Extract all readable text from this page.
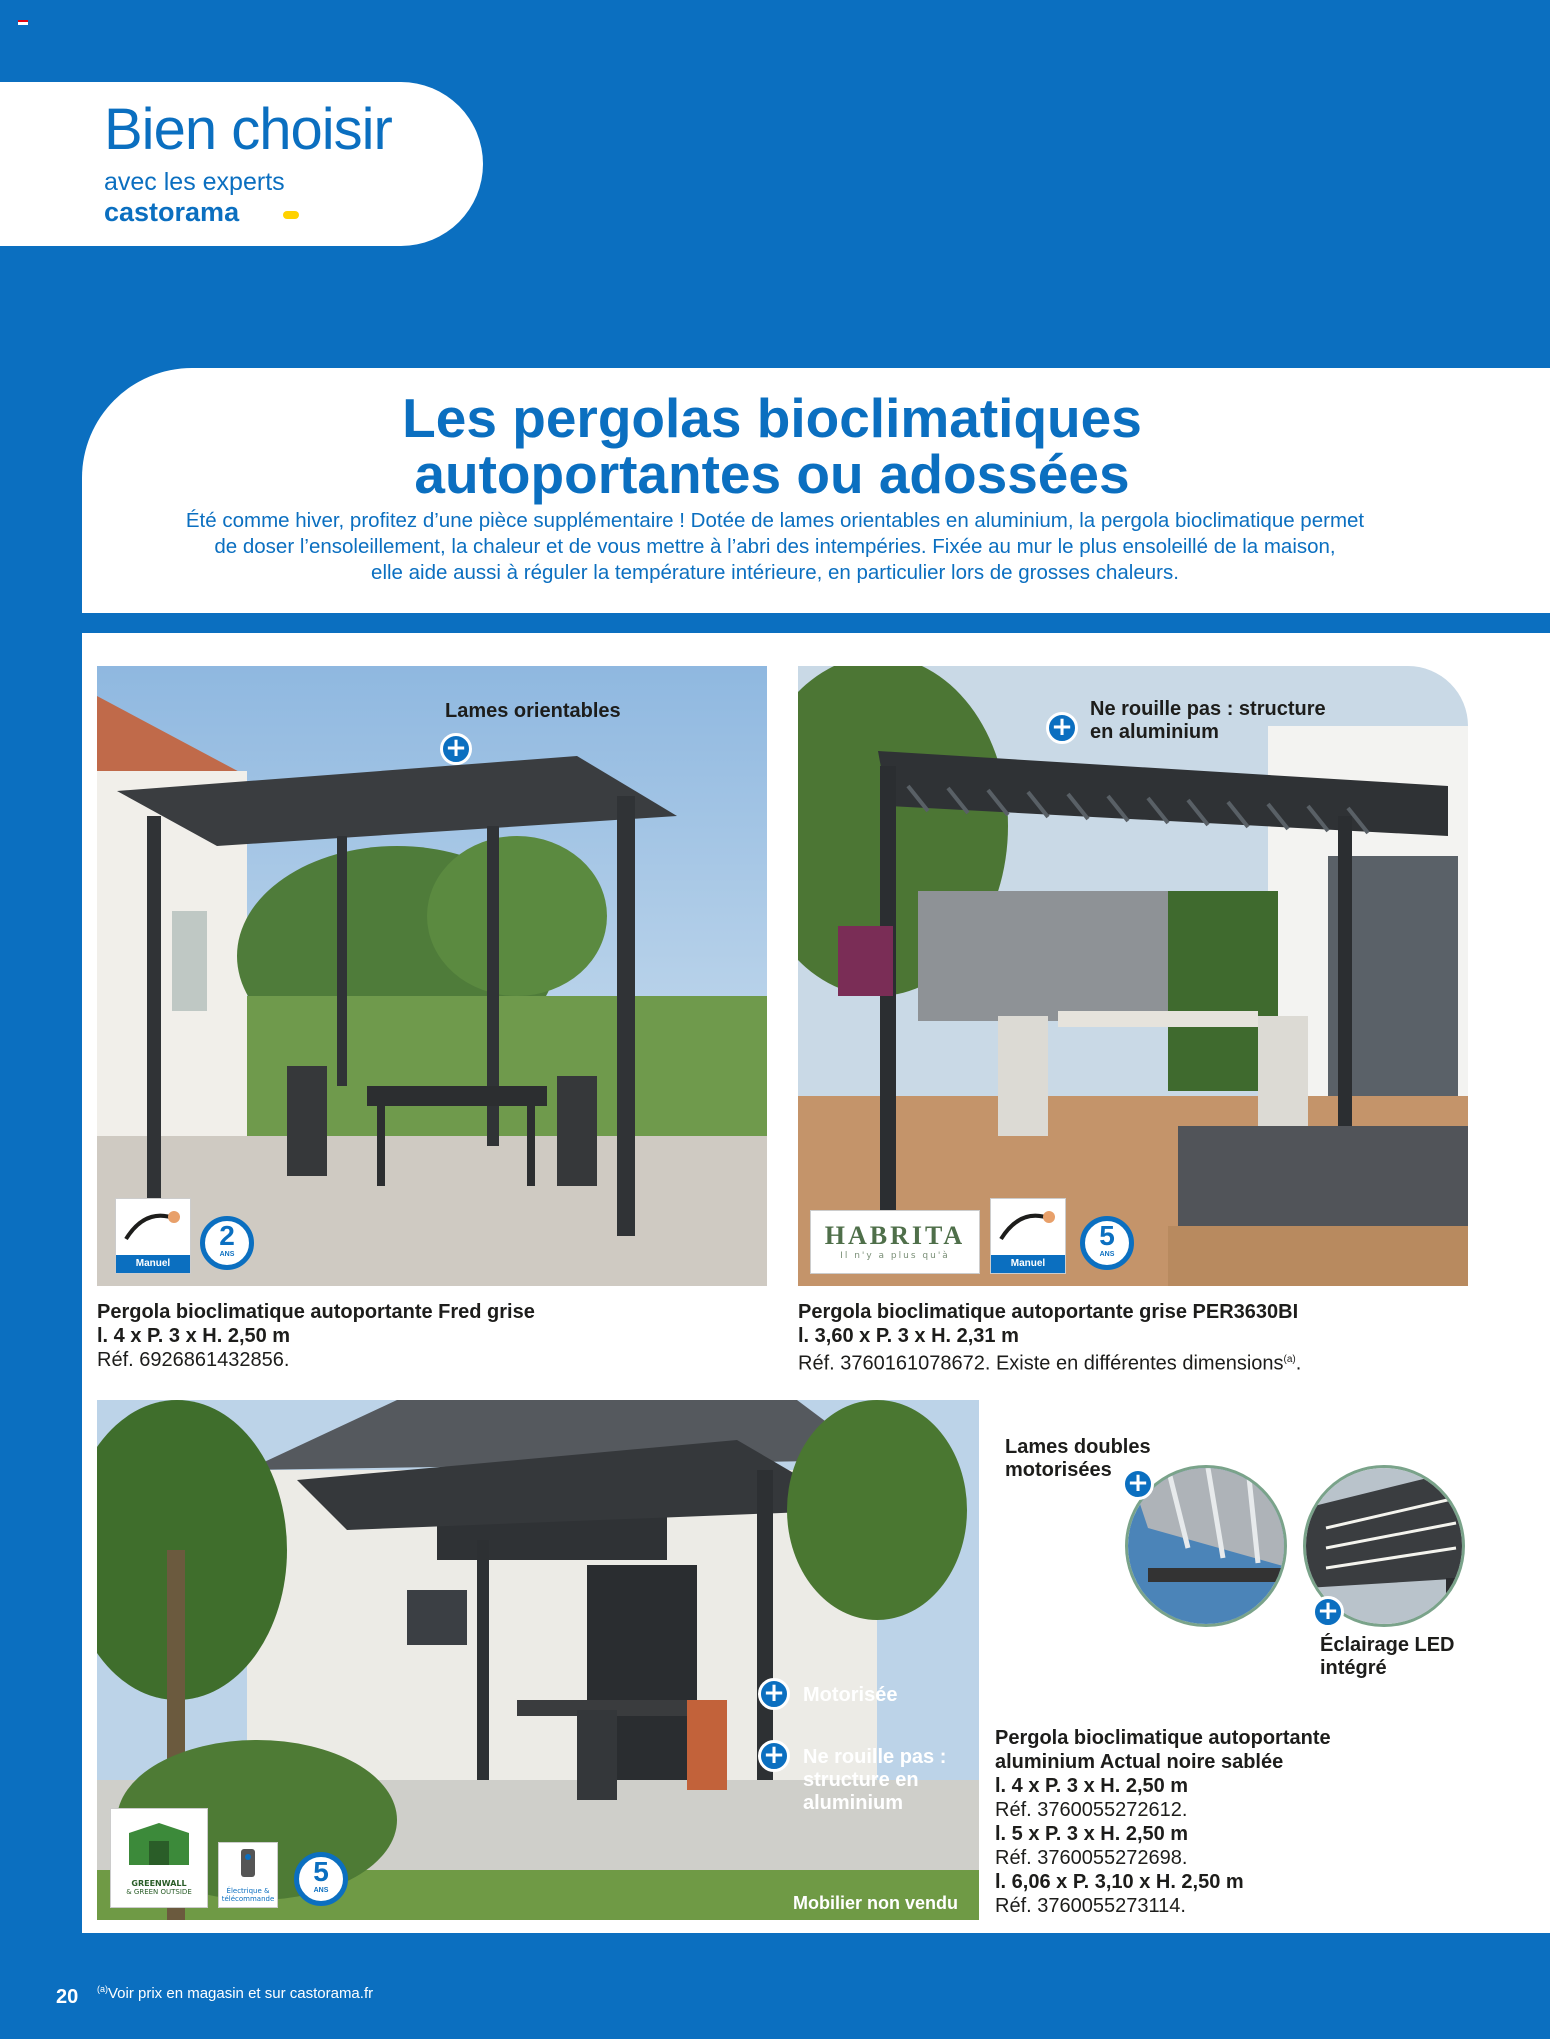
Bien choisir
avec les experts
castorama
Les pergolas bioclimatiques
autoportantes ou adossées
Été comme hiver, profitez d’une pièce supplémentaire ! Dotée de lames orientables en aluminium, la pergola bioclimatique permet
de doser l’ensoleillement, la chaleur et de vous mettre à l’abri des intempéries. Fixée au mur le plus ensoleillé de la maison,
elle aide aussi à réguler la température intérieure, en particulier lors de grosses chaleurs.
Lames orientables
+
Manuel
2
ANS
Pergola bioclimatique autoportante Fred grise
l. 4 x P. 3 x H. 2,50 m
Réf. 6926861432856.
+
Ne rouille pas : structure
en aluminium
HABRITA
Il n'y a plus qu'à
Manuel
5
ANS
Pergola bioclimatique autoportante grise PER3630BI
l. 3,60 x P. 3 x H. 2,31 m
Réf. 3760161078672. Existe en différentes dimensions$^{(a)}$.
+ Motorisée
+ Ne rouille pas :
structure en
aluminium
Mobilier non vendu
GREENWALL
& GREEN OUTSIDE	Électrique & télécommande
5
ANS
Lames doubles
motorisées +
+
Éclairage LED
intégré
Pergola bioclimatique autoportante
aluminium Actual noire sablée
l. 4 x P. 3 x H. 2,50 m
Réf. 3760055272612.
l. 5 x P. 3 x H. 2,50 m
Réf. 3760055272698.
l. 6,06 x P. 3,10 x H. 2,50 m
Réf. 3760055273114.
20 $^{(a)}$Voir prix en magasin et sur castorama.fr
